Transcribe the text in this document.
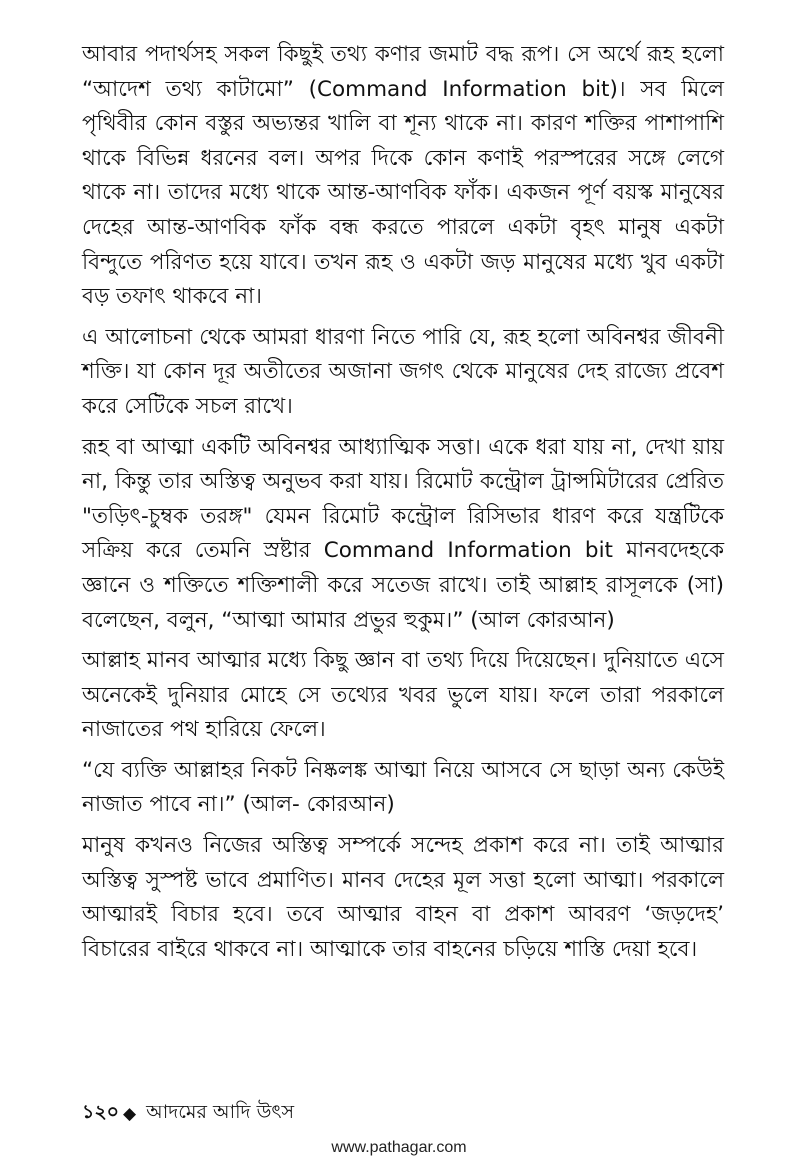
আবার পদার্থসহ সকল কিছুই তথ্য কণার জমাট বদ্ধ রূপ। সে অর্থে রূহ হলো “আদেশ তথ্য কাটামো” (Command Information bit)। সব মিলে পৃথিবীর কোন বস্তুর অভ্যন্তর খালি বা শূন্য থাকে না। কারণ শক্তির পাশাপাশি থাকে বিভিন্ন ধরনের বল। অপর দিকে কোন কণাই পরস্পরের সঙ্গে লেগে থাকে না। তাদের মধ্যে থাকে আন্ত-আণবিক ফাঁক। একজন পূর্ণ বয়স্ক মানুষের দেহের আন্ত-আণবিক ফাঁক বন্ধ করতে পারলে একটা বৃহৎ মানুষ একটা বিন্দুতে পরিণত হয়ে যাবে। তখন রূহ ও একটা জড় মানুষের মধ্যে খুব একটা বড় তফাৎ থাকবে না।

এ আলোচনা থেকে আমরা ধারণা নিতে পারি যে, রূহ হলো অবিনশ্বর জীবনী শক্তি। যা কোন দূর অতীতের অজানা জগৎ থেকে মানুষের দেহ রাজ্যে প্রবেশ করে সেটিকে সচল রাখে।

রূহ বা আত্মা একটি অবিনশ্বর আধ্যাত্মিক সত্তা। একে ধরা যায় না, দেখা য়ায় না, কিন্তু তার অস্তিত্ব অনুভব করা যায়। রিমোট কন্ট্রোল ট্রান্সমিটারের প্রেরিত "তড়িৎ-চুম্বক তরঙ্গ" যেমন রিমোট কন্ট্রোল রিসিভার ধারণ করে যন্ত্রটিকে সক্রিয় করে তেমনি স্রষ্টার Command Information bit মানবদেহকে জ্ঞানে ও শক্তিতে শক্তিশালী করে সতেজ রাখে। তাই আল্লাহ রাসূলকে (সা) বলেছেন, বলুন, “আত্মা আমার প্রভুর হুকুম।” (আল কোরআন)

আল্লাহ মানব আত্মার মধ্যে কিছু জ্ঞান বা তথ্য দিয়ে দিয়েছেন। দুনিয়াতে এসে অনেকেই দুনিয়ার মোহে সে তথ্যের খবর ভুলে যায়। ফলে তারা পরকালে নাজাতের পথ হারিয়ে ফেলে।

“যে ব্যক্তি আল্লাহর নিকট নিষ্কলঙ্ক আত্মা নিয়ে আসবে সে ছাড়া অন্য কেউই নাজাত পাবে না।” (আল- কোরআন)

মানুষ কখনও নিজের অস্তিত্ব সম্পর্কে সন্দেহ প্রকাশ করে না। তাই আত্মার অস্তিত্ব সুস্পষ্ট ভাবে প্রমাণিত। মানব দেহের মূল সত্তা হলো আত্মা। পরকালে আত্মারই বিচার হবে। তবে আত্মার বাহন বা প্রকাশ আবরণ ‘জড়দেহ’ বিচারের বাইরে থাকবে না। আত্মাকে তার বাহনের চড়িয়ে শাস্তি দেয়া হবে।

১২০ ◆ আদমের আদি উৎস
www.pathagar.com
